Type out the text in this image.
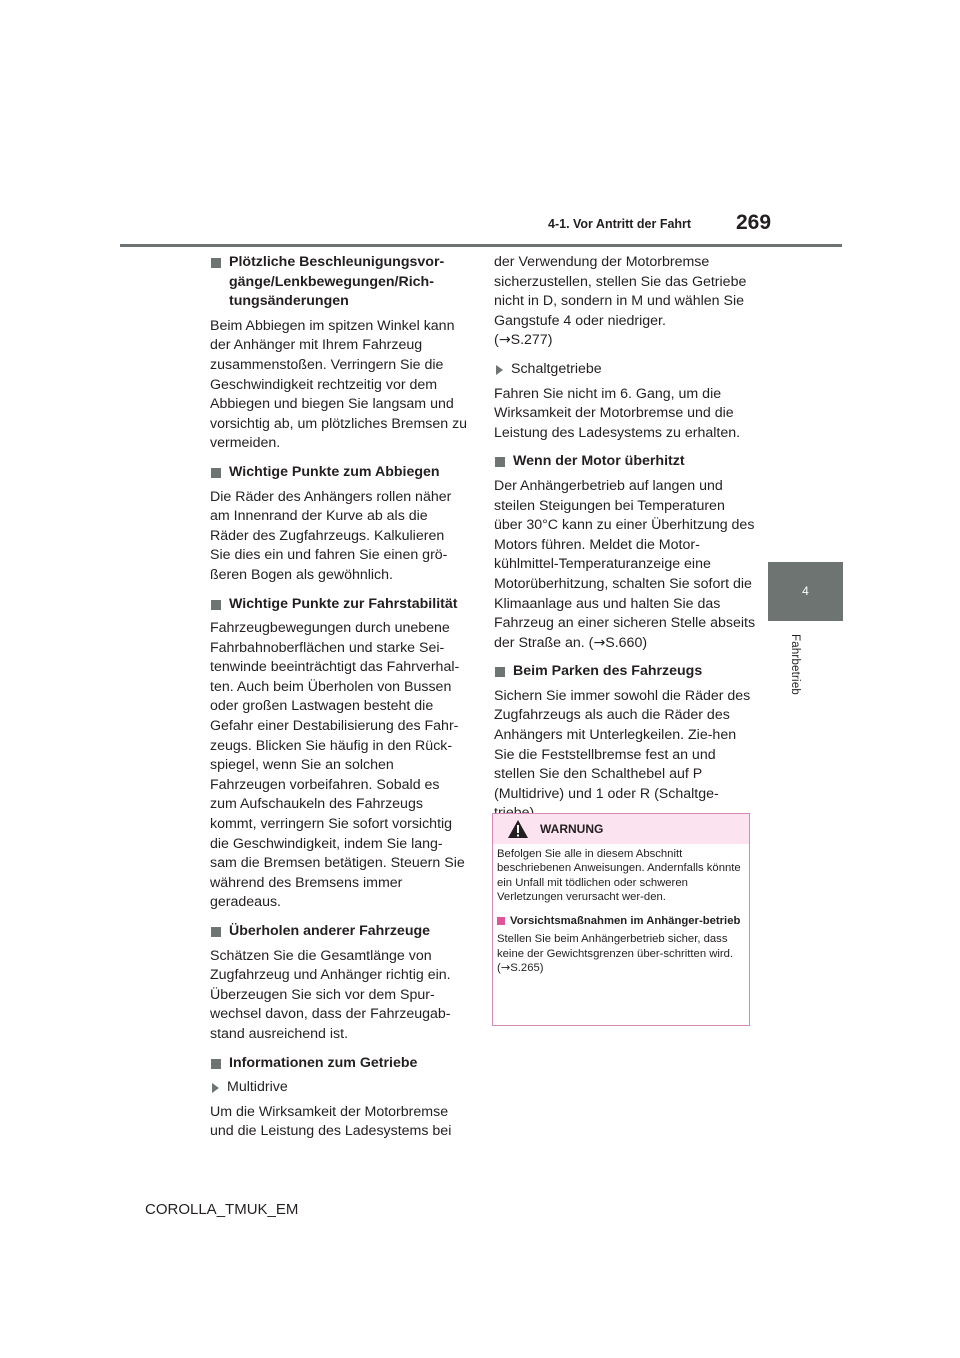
4-1. Vor Antritt der Fahrt 269
4
Fahrbetrieb
Plötzliche Beschleunigungsvor-
gänge/Lenkbewegungen/Rich-
tungsänderungen

Beim Abbiegen im spitzen Winkel kann der Anhänger mit Ihrem Fahrzeug zusammenstoßen. Verringern Sie die Geschwindigkeit rechtzeitig vor dem Abbiegen und biegen Sie langsam und vorsichtig ab, um plötzliches Bremsen zu vermeiden.

Wichtige Punkte zum Abbiegen

Die Räder des Anhängers rollen näher am Innenrand der Kurve ab als die Räder des Zugfahrzeugs. Kalkulieren Sie dies ein und fahren Sie einen grö-ßeren Bogen als gewöhnlich.

Wichtige Punkte zur Fahrstabilität

Fahrzeugbewegungen durch unebene Fahrbahnoberflächen und starke Sei-tenwinde beeinträchtigt das Fahrverhal-ten. Auch beim Überholen von Bussen oder großen Lastwagen besteht die Gefahr einer Destabilisierung des Fahr-zeugs. Blicken Sie häufig in den Rück-spiegel, wenn Sie an solchen Fahrzeugen vorbeifahren. Sobald es zum Aufschaukeln des Fahrzeugs kommt, verringern Sie sofort vorsichtig die Geschwindigkeit, indem Sie lang-sam die Bremsen betätigen. Steuern Sie während des Bremsens immer geradeaus.

Überholen anderer Fahrzeuge

Schätzen Sie die Gesamtlänge von Zugfahrzeug und Anhänger richtig ein. Überzeugen Sie sich vor dem Spur-wechsel davon, dass der Fahrzeugab-stand ausreichend ist.

Informationen zum Getriebe
Multidrive

Um die Wirksamkeit der Motorbremse und die Leistung des Ladesystems bei

der Verwendung der Motorbremse sicherzustellen, stellen Sie das Getriebe nicht in D, sondern in M und wählen Sie Gangstufe 4 oder niedriger.
(→S.277)

Schaltgetriebe

Fahren Sie nicht im 6. Gang, um die Wirksamkeit der Motorbremse und die Leistung des Ladesystems zu erhalten.

Wenn der Motor überhitzt

Der Anhängerbetrieb auf langen und steilen Steigungen bei Temperaturen über 30°C kann zu einer Überhitzung des Motors führen. Meldet die Motor-kühlmittel-Temperaturanzeige eine Motorüberhitzung, schalten Sie sofort die Klimaanlage aus und halten Sie das Fahrzeug an einer sicheren Stelle abseits der Straße an. (→S.660)

Beim Parken des Fahrzeugs

Sichern Sie immer sowohl die Räder des Zugfahrzeugs als auch die Räder des Anhängers mit Unterlegkeilen. Zie-hen Sie die Feststellbremse fest an und stellen Sie den Schalthebel auf P (Multidrive) und 1 oder R (Schaltge-

WARNUNG

Befolgen Sie alle in diesem Abschnitt beschriebenen Anweisungen. Andernfalls könnte ein Unfall mit tödlichen oder schweren Verletzungen verursacht wer-den.

Vorsichtsmaßnahmen im Anhänger-betrieb

Stellen Sie beim Anhängerbetrieb sicher, dass keine der Gewichtsgrenzen über-schritten wird. (→S.265)

COROLLA_TMUK_EM
